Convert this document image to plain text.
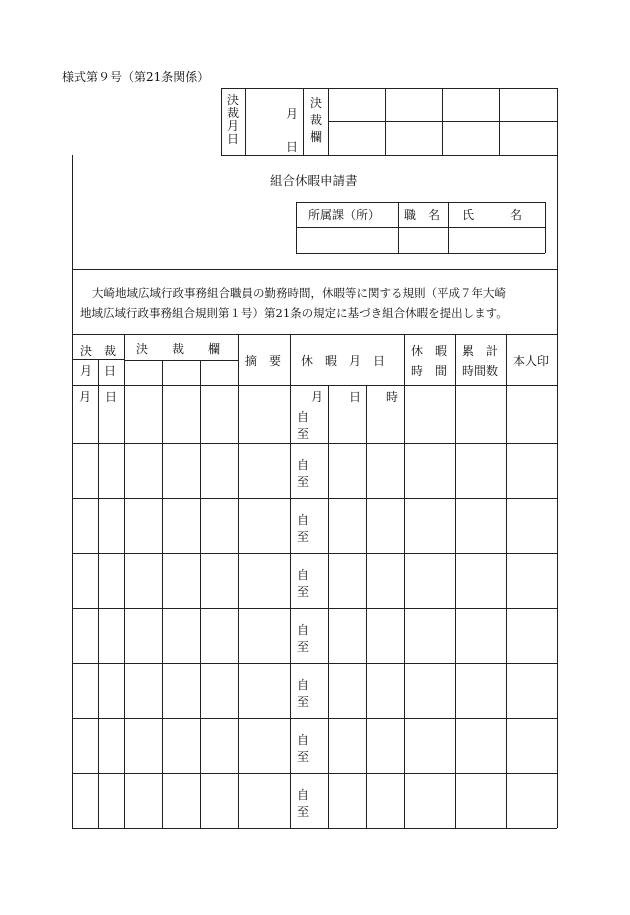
様式第９号（第21条関係）
決裁月日
月
日
決裁欄
組合休暇申請書
所属課（所） 職　名 氏　　　名
大崎地域広域行政事務組合職員の勤務時間，休暇等に関する規則（平成７年大崎
地域広域行政事務組合規則第１号）第21条の規定に基づき組合休暇を提出します。
決　裁
月　日
決　　裁　　欄
摘　要 休　暇　月　日
休　暇
時　間
累　計
時間数
本人印
月 日	月 日 時
自
至
自
至
自
至
自
至
自
至
自
至
自
至
自
至
